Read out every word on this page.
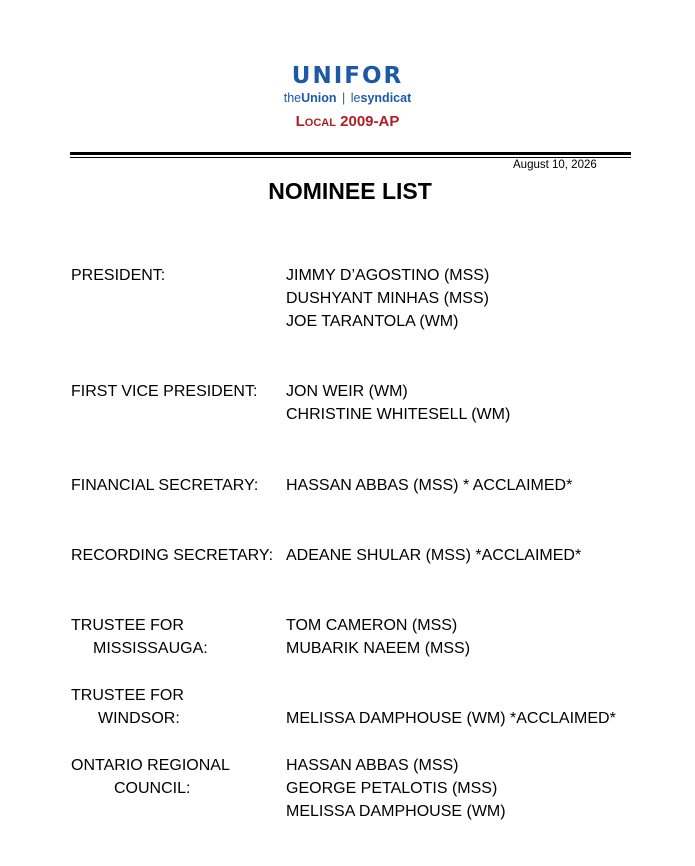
UNIFOR
theUnion | lesyndicat
Local 2009-AP
August 10, 2026
NOMINEE LIST
PRESIDENT:	JIMMY D’AGOSTINO (MSS)
DUSHYANT MINHAS (MSS)
JOE TARANTOLA (WM)
FIRST VICE PRESIDENT: JON WEIR (WM)
CHRISTINE WHITESELL (WM)
FINANCIAL SECRETARY: HASSAN ABBAS (MSS) * ACCLAIMED*
RECORDING SECRETARY: ADEANE SHULAR (MSS) *ACCLAIMED*
TRUSTEE FOR
MISSISSAUGA:
TOM CAMERON (MSS)
MUBARIK NAEEM (MSS)
TRUSTEE FOR
WINDSOR:	MELISSA DAMPHOUSE (WM) *ACCLAIMED*
ONTARIO REGIONAL
COUNCIL:
HASSAN ABBAS (MSS)
GEORGE PETALOTIS (MSS)
MELISSA DAMPHOUSE (WM)
